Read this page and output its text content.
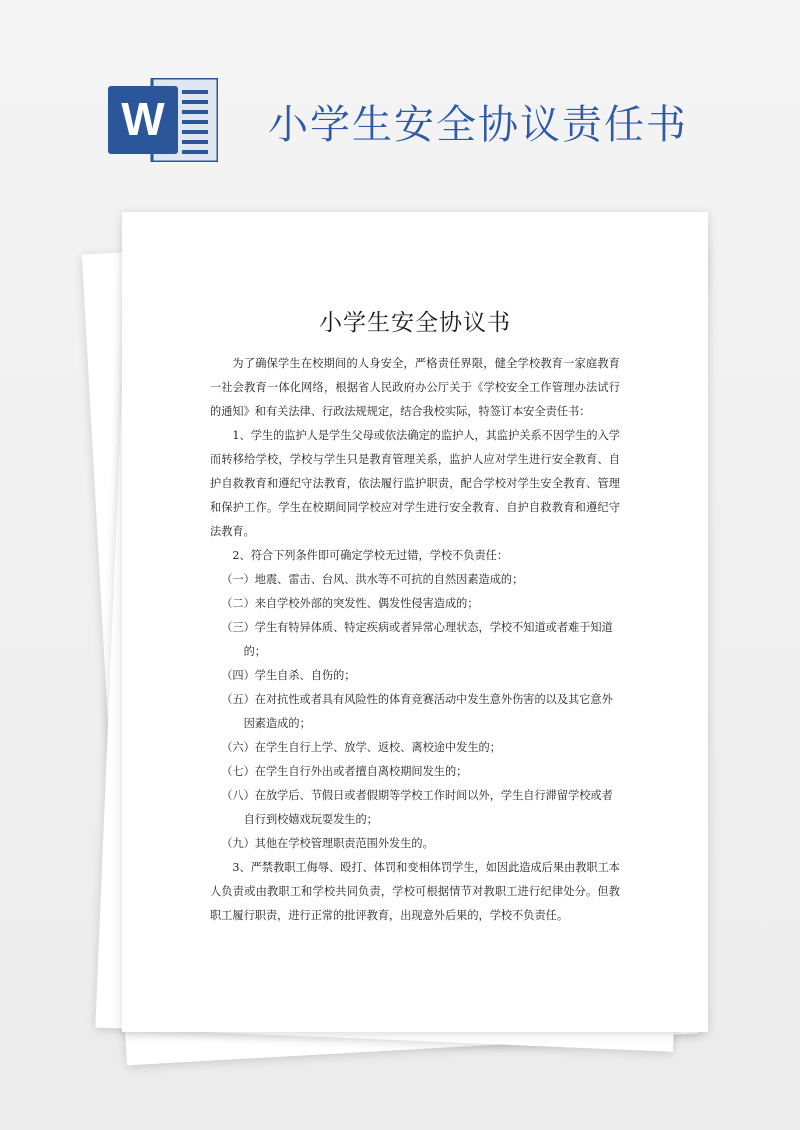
W	小学生安全协议责任书
小学生安全协议书

为了确保学生在校期间的人身安全，严格责任界限，健全学校教育一家庭教育一社会教育一体化网络，根据省人民政府办公厅关于《学校安全工作管理办法试行的通知》和有关法律、行政法规规定，结合我校实际，特签订本安全责任书：

1、学生的监护人是学生父母或依法确定的监护人，其监护关系不因学生的入学而转移给学校，学校与学生只是教育管理关系，监护人应对学生进行安全教育、自护自救教育和遵纪守法教育，依法履行监护职责，配合学校对学生安全教育、管理和保护工作。学生在校期间同学校应对学生进行安全教育、自护自救教育和遵纪守法教育。

2、符合下列条件即可确定学校无过错，学校不负责任：

（一）地震、雷击、台风、洪水等不可抗的自然因素造成的；
（二）来自学校外部的突发性、偶发性侵害造成的；
（三）学生有特异体质、特定疾病或者异常心理状态，学校不知道或者难于知道的；
（四）学生自杀、自伤的；
（五）在对抗性或者具有风险性的体育竞赛活动中发生意外伤害的以及其它意外因素造成的；
（六）在学生自行上学、放学、返校、离校途中发生的；
（七）在学生自行外出或者擅自离校期间发生的；
（八）在放学后、节假日或者假期等学校工作时间以外，学生自行滞留学校或者自行到校嬉戏玩耍发生的；
（九）其他在学校管理职责范围外发生的。

3、严禁教职工侮辱、殴打、体罚和变相体罚学生，如因此造成后果由教职工本人负责或由教职工和学校共同负责，学校可根据情节对教职工进行纪律处分。但教职工履行职责，进行正常的批评教育，出现意外后果的，学校不负责任。
